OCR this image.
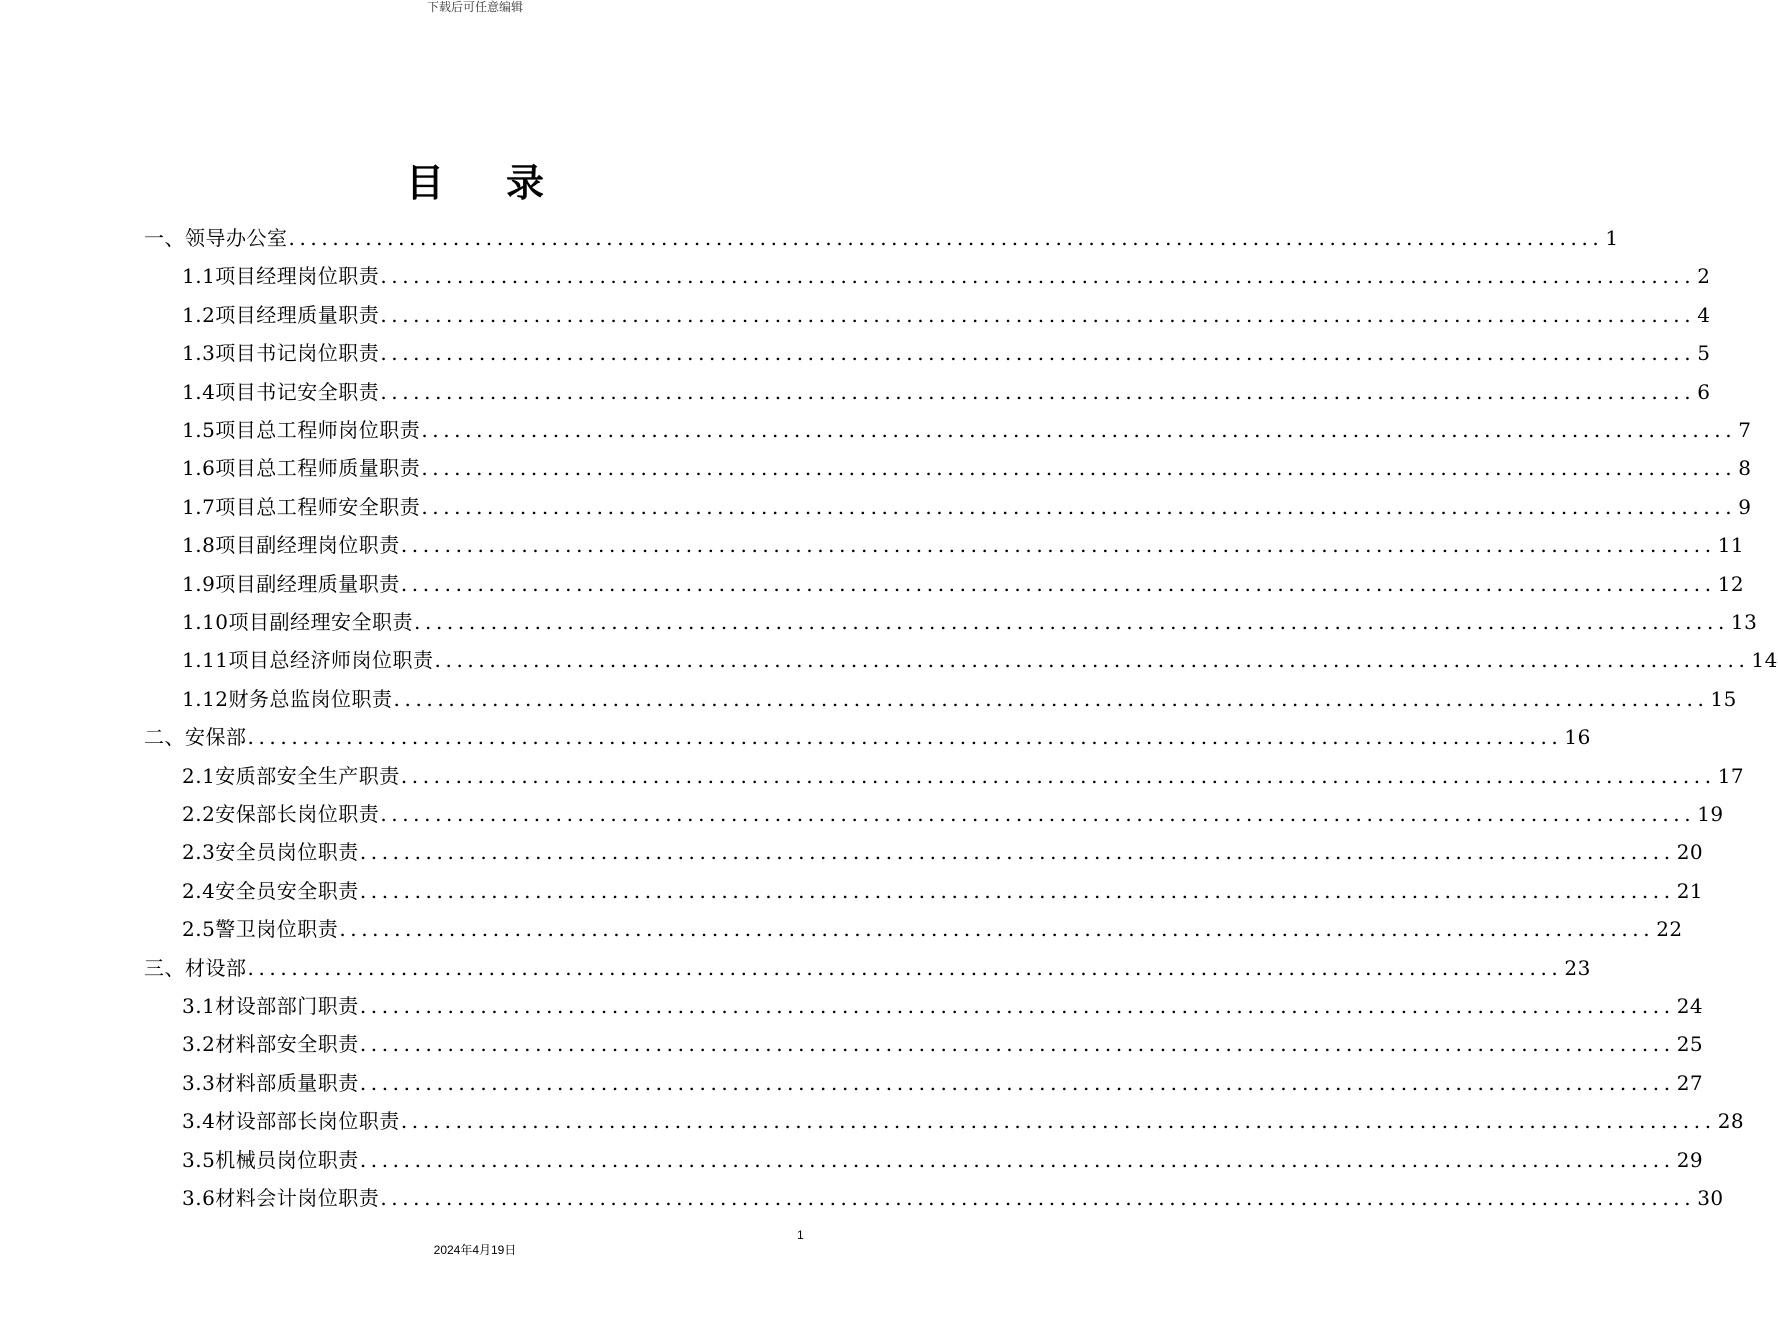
下载后可任意编辑
目录
一、领导办公室 ........................................................................................................................ 1
1.1项目经理岗位职责 ........................................................................................................................ 2
1.2项目经理质量职责 ........................................................................................................................ 4
1.3项目书记岗位职责 ........................................................................................................................ 5
1.4项目书记安全职责 ........................................................................................................................ 6
1.5项目总工程师岗位职责 ........................................................................................................................ 7
1.6项目总工程师质量职责 ........................................................................................................................ 8
1.7项目总工程师安全职责 ........................................................................................................................ 9
1.8项目副经理岗位职责 ........................................................................................................................ 11
1.9项目副经理质量职责 ........................................................................................................................ 12
1.10项目副经理安全职责 ........................................................................................................................ 13
1.11项目总经济师岗位职责 ........................................................................................................................ 14
1.12财务总监岗位职责 ........................................................................................................................ 15
二、安保部 ........................................................................................................................ 16
2.1安质部安全生产职责 ........................................................................................................................ 17
2.2安保部长岗位职责 ........................................................................................................................ 19
2.3安全员岗位职责 ........................................................................................................................ 20
2.4安全员安全职责 ........................................................................................................................ 21
2.5警卫岗位职责 ........................................................................................................................ 22
三、材设部 ........................................................................................................................ 23
3.1材设部部门职责 ........................................................................................................................ 24
3.2材料部安全职责 ........................................................................................................................ 25
3.3材料部质量职责 ........................................................................................................................ 27
3.4材设部部长岗位职责 ........................................................................................................................ 28
3.5机械员岗位职责 ........................................................................................................................ 29
3.6材料会计岗位职责 ........................................................................................................................ 30
1
2024年4月19日
